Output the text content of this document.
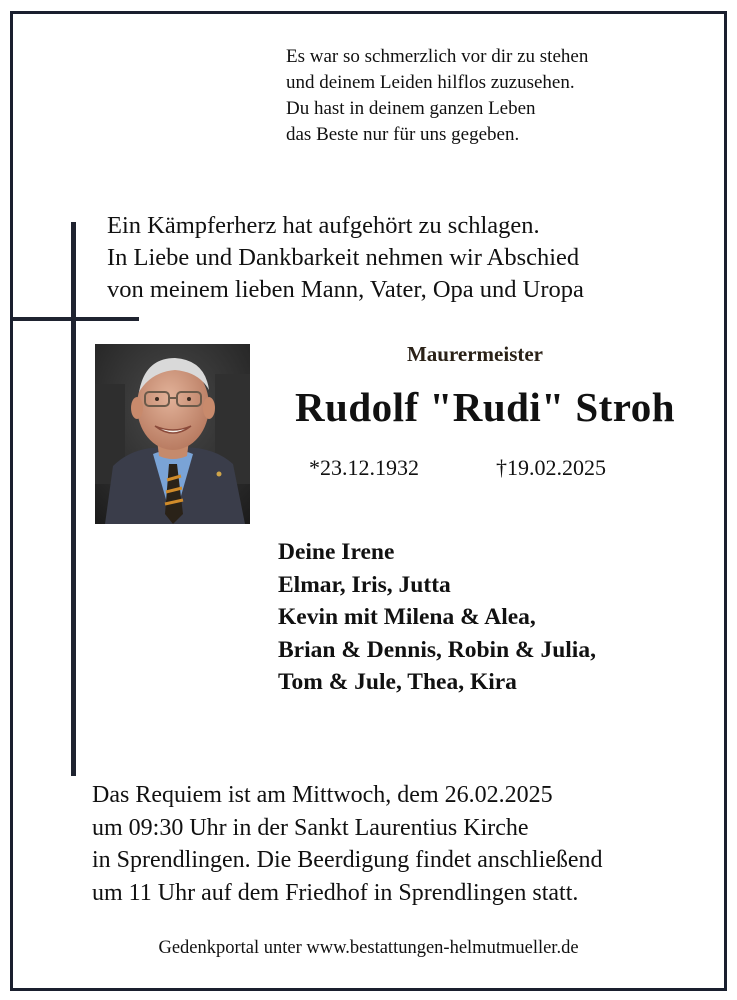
Es war so schmerzlich vor dir zu stehen
und deinem Leiden hilflos zuzusehen.
Du hast in deinem ganzen Leben
das Beste nur für uns gegeben.
Ein Kämpferherz hat aufgehört zu schlagen.
In Liebe und Dankbarkeit nehmen wir Abschied
von meinem lieben Mann, Vater, Opa und Uropa
Maurermeister
Rudolf "Rudi" Stroh
*23.12.1932	†19.02.2025
Deine Irene
Elmar, Iris, Jutta
Kevin mit Milena & Alea,
Brian & Dennis, Robin & Julia,
Tom & Jule, Thea, Kira
Das Requiem ist am Mittwoch, dem 26.02.2025
um 09:30 Uhr in der Sankt Laurentius Kirche
in Sprendlingen. Die Beerdigung findet anschließend
um 11 Uhr auf dem Friedhof in Sprendlingen statt.
Gedenkportal unter www.bestattungen-helmutmueller.de
